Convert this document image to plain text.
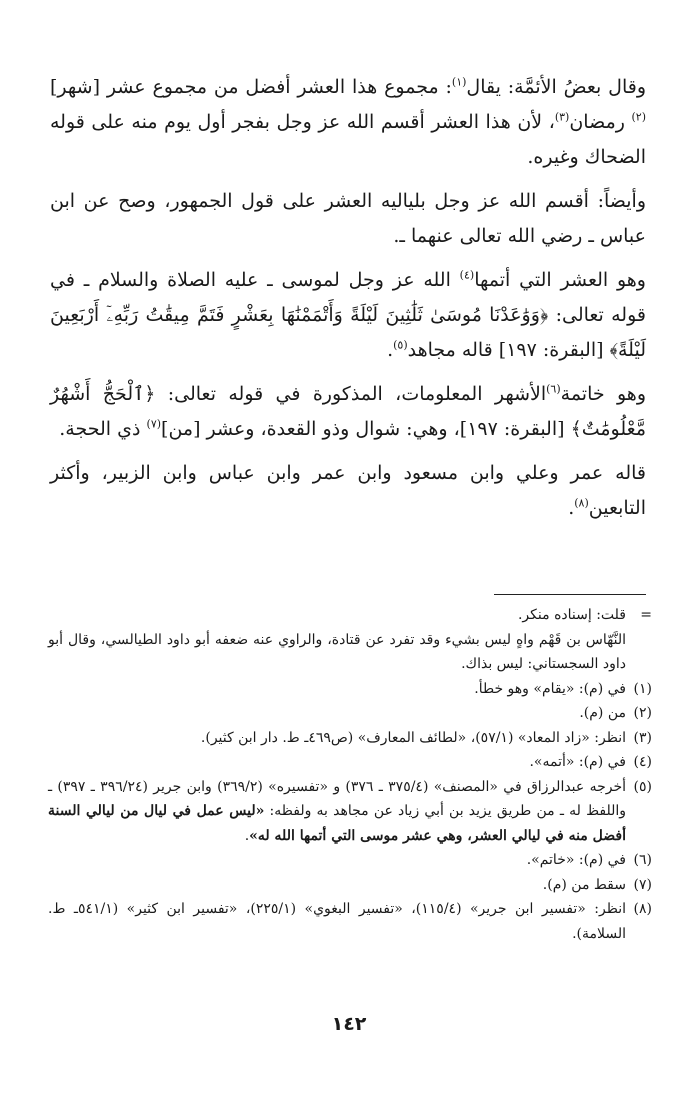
وقال بعضُ الأئمَّة: يقال$^{(١)}$: مجموع هذا العشر أفضل من مجموع عشر [شهر]$^{(٢)}$ رمضان$^{(٣)}$، لأن هذا العشر أقسم الله عز وجل بفجر أول يوم منه على قوله الضحاك وغيره.

وأيضاً: أقسم الله عز وجل بلياليه العشر على قول الجمهور، وصح عن ابن عباس ـ رضي الله تعالى عنهما ـ.

وهو العشر التي أتمها$^{(٤)}$ الله عز وجل لموسى ـ عليه الصلاة والسلام ـ في قوله تعالى: ﴿وَوَٰعَدْنَا مُوسَىٰ ثَلَٰثِينَ لَيْلَةً وَأَتْمَمْنَٰهَا بِعَشْرٍ فَتَمَّ مِيقَٰتُ رَبِّهِۦٓ أَرْبَعِينَ لَيْلَةً﴾ [البقرة: ١٩٧] قاله مجاهد$^{(٥)}$.

وهو خاتمة$^{(٦)}$الأشهر المعلومات، المذكورة في قوله تعالى: ﴿ٱلْحَجُّ أَشْهُرٌ مَّعْلُومَٰتٌ﴾ [البقرة: ١٩٧]، وهي: شوال وذو القعدة، وعشر [من]$^{(٧)}$ ذي الحجة.

قاله عمر وعلي وابن مسعود وابن عمر وابن عباس وابن الزبير، وأكثر التابعين$^{(٨)}$.

=
قلت: إسناده منكر.
النَّهّاس بن قَهْم واهٍ ليس بشيء وقد تفرد عن قتادة، والراوي عنه ضعفه أبو داود الطيالسي، وقال أبو داود السجستاني: ليس بذاك.
(١)
في (م): «يقام» وهو خطأ.
(٢)
من (م).
(٣)
انظر: «زاد المعاد» (٥٧/١)، «لطائف المعارف» (ص٤٦٩ـ ط. دار ابن كثير).
(٤)
في (م): «أتمه».
(٥)
أخرجه عبدالرزاق في «المصنف» (٣٧٥/٤ ـ ٣٧٦) و «تفسيره» (٣٦٩/٢) وابن جرير (٣٩٦/٢٤ ـ ٣٩٧) ـ واللفظ له ـ من طريق يزيد بن أبي زياد عن مجاهد به ولفظه: «ليس عمل في ليال من ليالي السنة أفضل منه في ليالي العشر، وهي عشر موسى التي أتمها الله له».
(٦)
في (م): «خاتم».
(٧)
سقط من (م).
(٨)
انظر: «تفسير ابن جرير» (١١٥/٤)، «تفسير البغوي» (٢٢٥/١)، «تفسير ابن كثير» (٥٤١/١ـ ط. السلامة).
١٤٢
